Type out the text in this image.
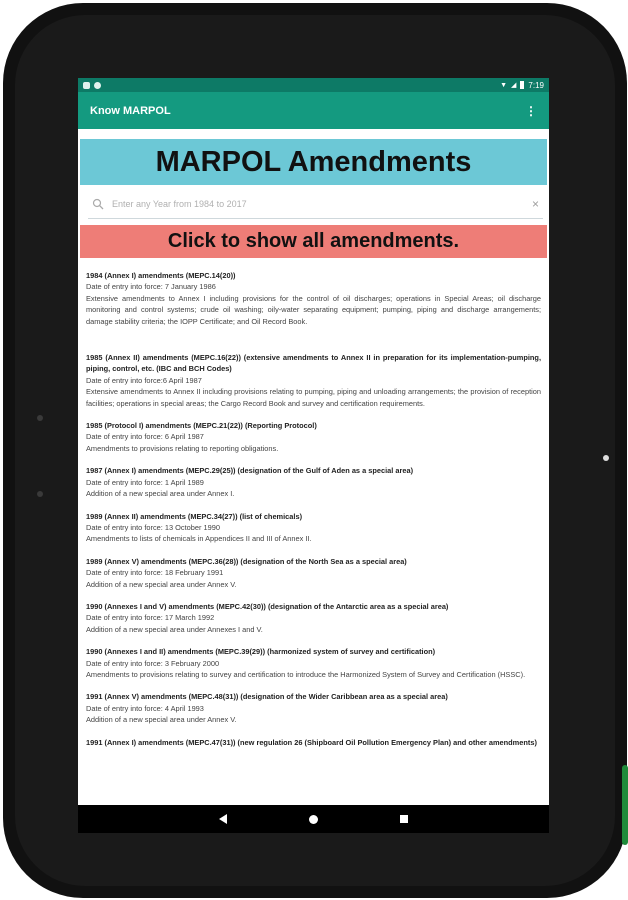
▼ ◢ 7:19
Know MARPOL	⋮
MARPOL Amendments
Enter any Year from 1984 to 2017
×
Click to show all amendments.
1984 (Annex I) amendments (MEPC.14(20))
Date of entry into force: 7 January 1986
Extensive amendments to Annex I including provisions for the control of oil discharges; operations in Special Areas; oil discharge monitoring and control systems; crude oil washing; oily-water separating equipment; pumping, piping and discharge arrangements; damage stability criteria; the IOPP Certificate; and Oil Record Book.
1985 (Annex II) amendments (MEPC.16(22)) (extensive amendments to Annex II in preparation for its implementation-pumping, piping, control, etc. (IBC and BCH Codes)
Date of entry into force:6 April 1987
Extensive amendments to Annex II including provisions relating to pumping, piping and unloading arrangements; the provision of reception facilities; operations in special areas; the Cargo Record Book and survey and certification requirements.
1985 (Protocol I) amendments (MEPC.21(22)) (Reporting Protocol)
Date of entry into force: 6 April 1987
Amendments to provisions relating to reporting obligations.
1987 (Annex I) amendments (MEPC.29(25)) (designation of the Gulf of Aden as a special area)
Date of entry into force: 1 April 1989
Addition of a new special area under Annex I.
1989 (Annex II) amendments (MEPC.34(27)) (list of chemicals)
Date of entry into force: 13 October 1990
Amendments to lists of chemicals in Appendices II and III of Annex II.
1989 (Annex V) amendments (MEPC.36(28)) (designation of the North Sea as a special area)
Date of entry into force: 18 February 1991
Addition of a new special area under Annex V.
1990 (Annexes I and V) amendments (MEPC.42(30)) (designation of the Antarctic area as a special area)
Date of entry into force: 17 March 1992
Addition of a new special area under Annexes I and V.
1990 (Annexes I and II) amendments (MEPC.39(29)) (harmonized system of survey and certification)
Date of entry into force: 3 February 2000
Amendments to provisions relating to survey and certification to introduce the Harmonized System of Survey and Certification (HSSC).
1991 (Annex V) amendments (MEPC.48(31)) (designation of the Wider Caribbean area as a special area)
Date of entry into force: 4 April 1993
Addition of a new special area under Annex V.
1991 (Annex I) amendments (MEPC.47(31)) (new regulation 26 (Shipboard Oil Pollution Emergency Plan) and other amendments)
